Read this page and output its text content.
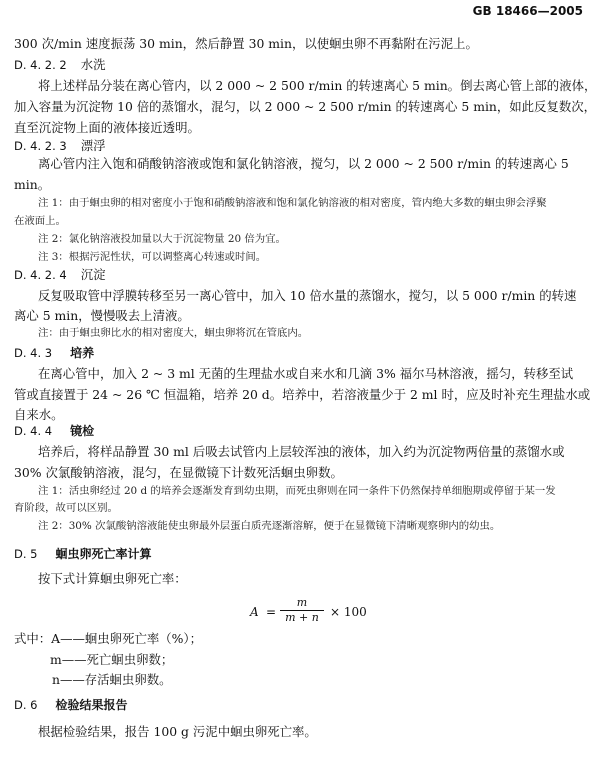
GB 18466—2005
300 次/min 速度振荡 30 min，然后静置 30 min，以使蛔虫卵不再黏附在污泥上。
D. 4. 2. 2 水洗
将上述样品分装在离心管内，以 2 000 ~ 2 500 r/min 的转速离心 5 min。倒去离心管上部的液体，
加入容量为沉淀物 10 倍的蒸馏水，混匀，以 2 000 ~ 2 500 r/min 的转速离心 5 min，如此反复数次，
直至沉淀物上面的液体接近透明。
D. 4. 2. 3 漂浮
离心管内注入饱和硝酸钠溶液或饱和氯化钠溶液，搅匀，以 2 000 ~ 2 500 r/min 的转速离心 5
min。
注 1：由于蛔虫卵的相对密度小于饱和硝酸钠溶液和饱和氯化钠溶液的相对密度，管内绝大多数的蛔虫卵会浮聚
在液面上。
注 2：氯化钠溶液投加量以大于沉淀物量 20 倍为宜。
注 3：根据污泥性状，可以调整离心转速或时间。
D. 4. 2. 4 沉淀
反复吸取管中浮膜转移至另一离心管中，加入 10 倍水量的蒸馏水，搅匀，以 5 000 r/min 的转速
离心 5 min，慢慢吸去上清液。
注：由于蛔虫卵比水的相对密度大，蛔虫卵将沉在管底内。
D. 4. 3 培养
在离心管中，加入 2 ~ 3 ml 无菌的生理盐水或自来水和几滴 3% 福尔马林溶液，摇匀，转移至试
管或直接置于 24 ~ 26 ℃ 恒温箱，培养 20 d。培养中，若溶液量少于 2 ml 时，应及时补充生理盐水或
自来水。
D. 4. 4 镜检
培养后，将样品静置 30 ml 后吸去试管内上层较浑浊的液体，加入约为沉淀物两倍量的蒸馏水或
30% 次氯酸钠溶液，混匀，在显微镜下计数死活蛔虫卵数。
注 1：活虫卵经过 20 d 的培养会逐渐发育到幼虫期，而死虫卵则在同一条件下仍然保持单细胞期或停留于某一发
育阶段，故可以区别。
注 2：30% 次氯酸钠溶液能使虫卵最外层蛋白质壳逐渐溶解，便于在显微镜下清晰观察卵内的幼虫。
D. 5 蛔虫卵死亡率计算
按下式计算蛔虫卵死亡率：
A =
m
m + n × 100
式中：A——蛔虫卵死亡率（%）；
m——死亡蛔虫卵数；
n——存活蛔虫卵数。
D. 6 检验结果报告
根据检验结果，报告 100 g 污泥中蛔虫卵死亡率。
